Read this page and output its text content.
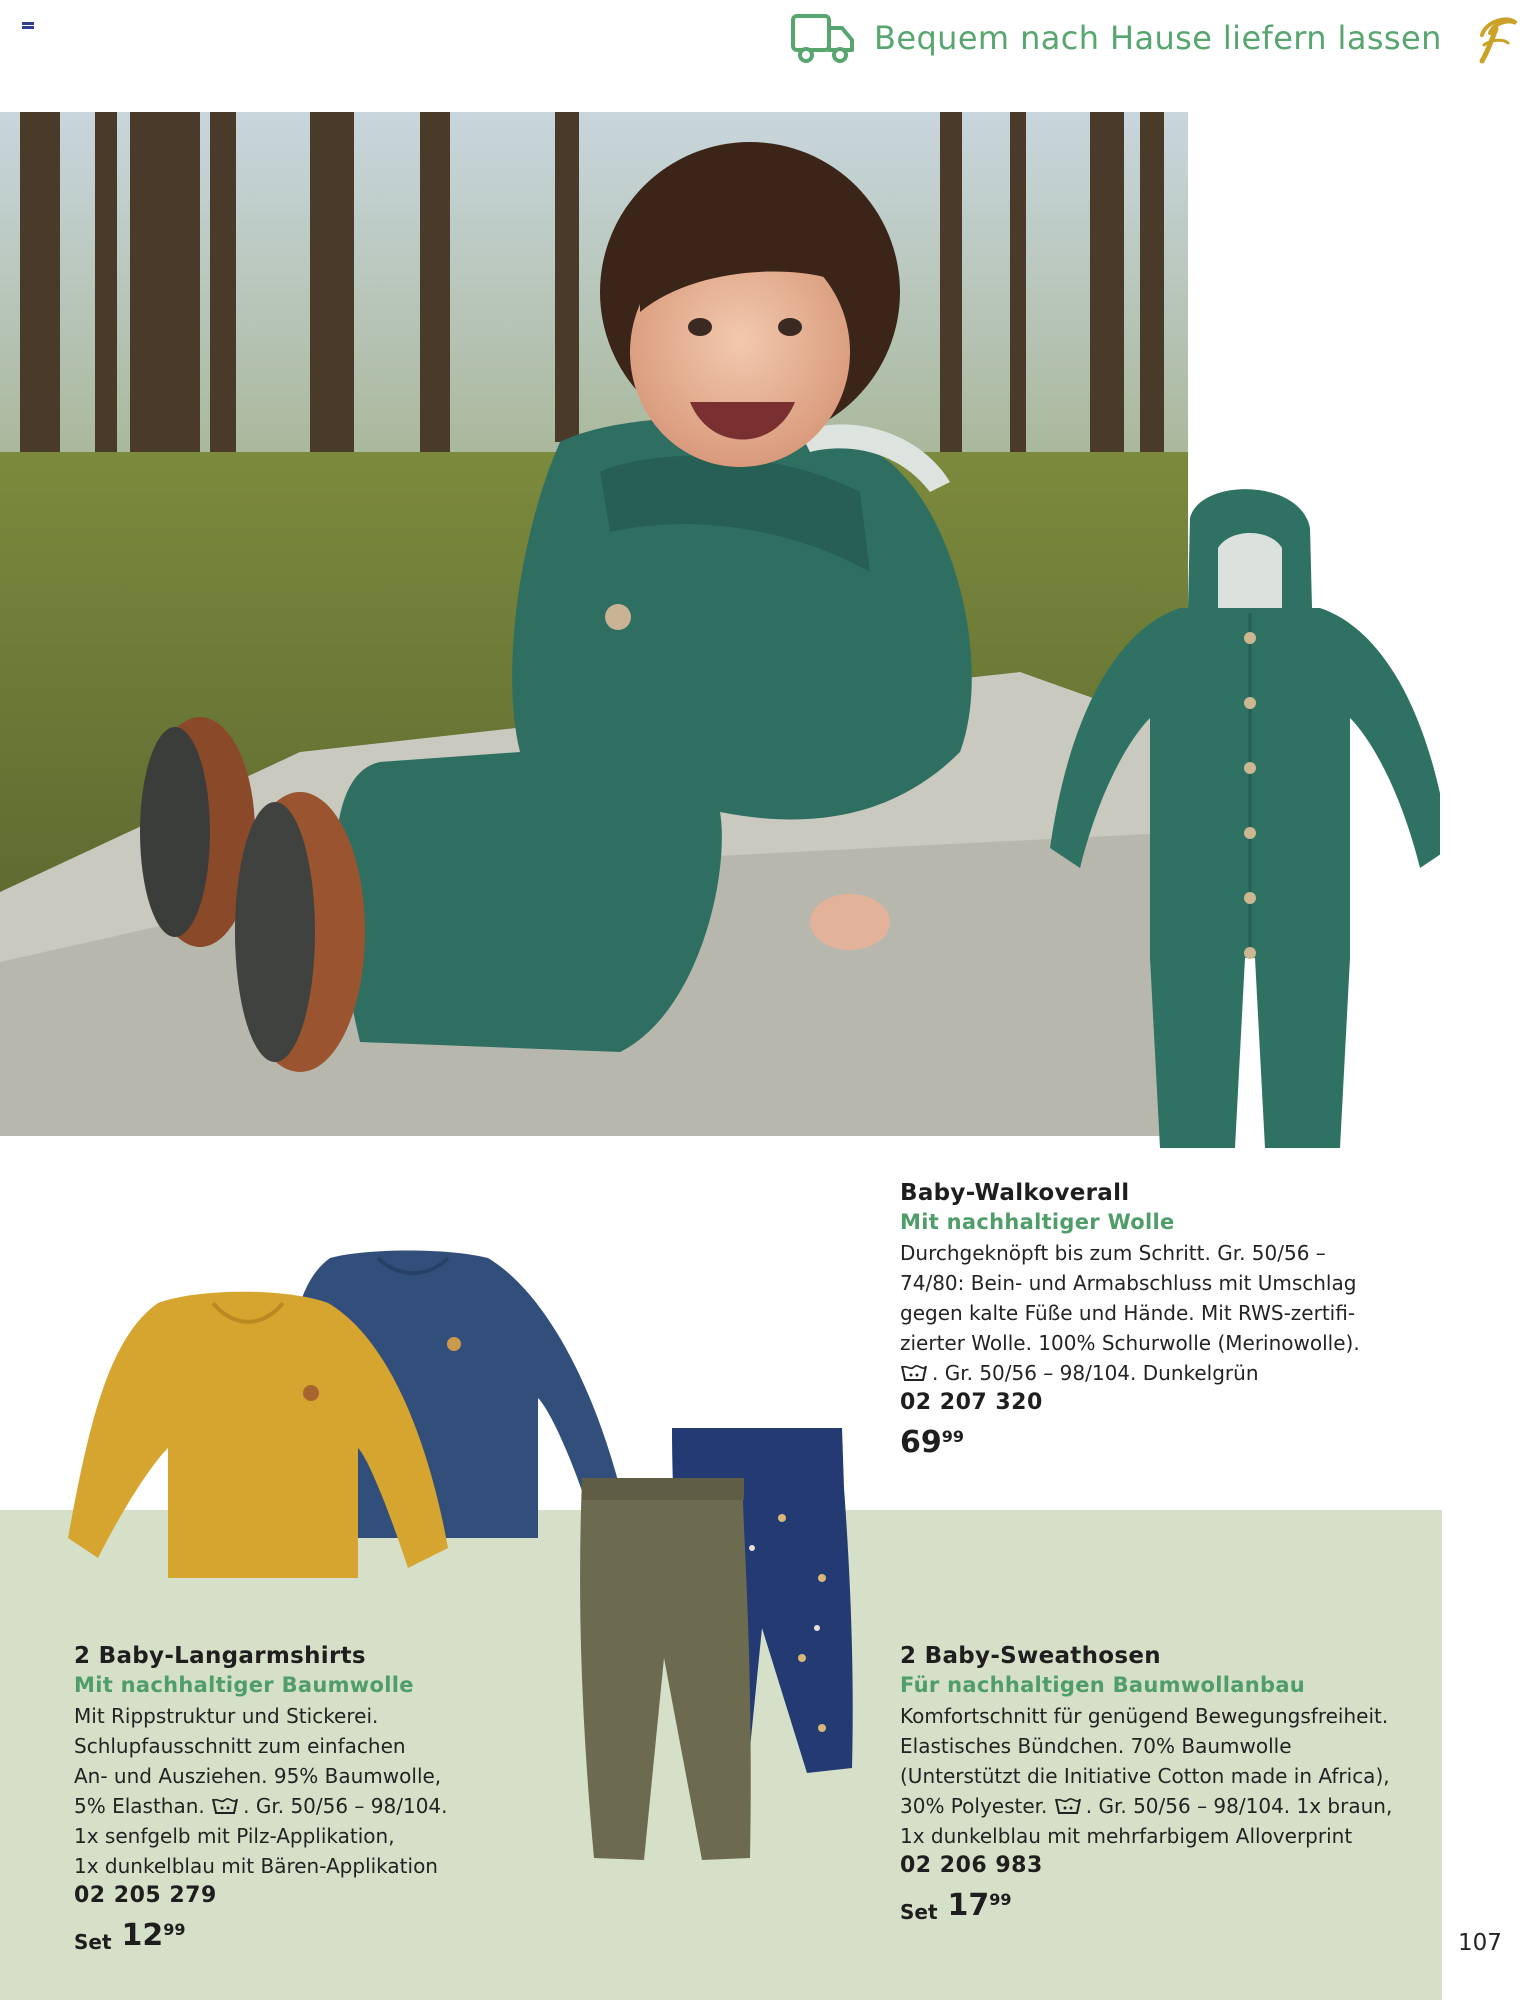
Bequem nach Hause liefern lassen
Baby-Walkoverall
Mit nachhaltiger Wolle

Durchgeknöpft bis zum Schritt. Gr. 50/56 –

74/80: Bein- und Armabschluss mit Umschlag

gegen kalte Füße und Hände. Mit RWS-zertifi-

zierter Wolle. 100% Schurwolle (Merinowolle).

. Gr. 50/56 – 98/104. Dunkelgrün

02 207 320
69 99
2 Baby-Langarmshirts
Mit nachhaltiger Baumwolle

Mit Rippstruktur und Stickerei.

Schlupfausschnitt zum einfachen

An- und Ausziehen. 95% Baumwolle,

5% Elasthan. . Gr. 50/56 – 98/104.

1x senfgelb mit Pilz-Applikation,

1x dunkelblau mit Bären-Applikation

02 205 279
Set 12 99
2 Baby-Sweathosen
Für nachhaltigen Baumwollanbau

Komfortschnitt für genügend Bewegungsfreiheit.

Elastisches Bündchen. 70% Baumwolle

(Unterstützt die Initiative Cotton made in Africa),

30% Polyester. . Gr. 50/56 – 98/104. 1x braun,

1x dunkelblau mit mehrfarbigem Alloverprint

02 206 983
Set 17 99
107
